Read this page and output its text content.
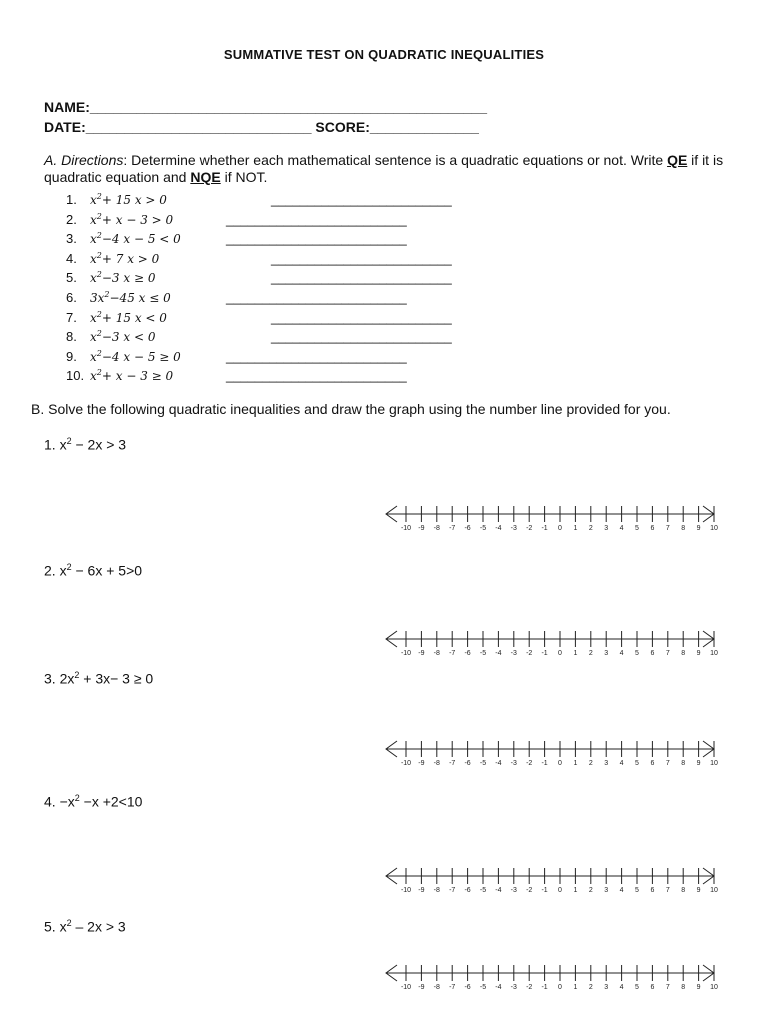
SUMMATIVE TEST ON QUADRATIC INEQUALITIES
NAME:___________________________________________________
DATE:_____________________________ SCORE:______________
A. Directions: Determine whether each mathematical sentence is a quadratic equations or not. Write QE if it is quadratic equation and NQE if NOT.
1.	$x^2+ 15$ x > 0	_________________________
2.	$x^2+ x - 3 > 0$	_________________________
3.	$x^2-4$ x − 5 < 0	_________________________
4.	$x^2+ 7$ x > 0	_________________________
5.	$x^2-3$ x ≥ 0	_________________________
6.	$3x^2-45$ x ≤ 0	_________________________
7.	$x^2+ 15$ x < 0	_________________________
8.	$x^2-3$ x < 0	_________________________
9.	$x^2-4$ x − 5 ≥ 0	_________________________
10. $x^2+ x - 3 \ge 0$	_________________________
B. Solve the following quadratic inequalities and draw the graph using the number line provided for you.
1. $x^2 - 2x > 3$
-10 -9 -8 -7 -6 -5 -4 -3 -2 -1 0 1 2 3 4 5 6 7 8 9 10
2. $x^2 - 6x + 5>0$
-10 -9 -8 -7 -6 -5 -4 -3 -2 -1 0 1 2 3 4 5 6 7 8 9 10
3. $2x^2 + 3x- 3 \ge 0$
-10 -9 -8 -7 -6 -5 -4 -3 -2 -1 0 1 2 3 4 5 6 7 8 9 10
4. $-x^2 -x +2<10$
-10 -9 -8 -7 -6 -5 -4 -3 -2 -1 0 1 2 3 4 5 6 7 8 9 10
5. $x^2 - 2x > 3$
-10 -9 -8 -7 -6 -5 -4 -3 -2 -1 0 1 2 3 4 5 6 7 8 9 10
